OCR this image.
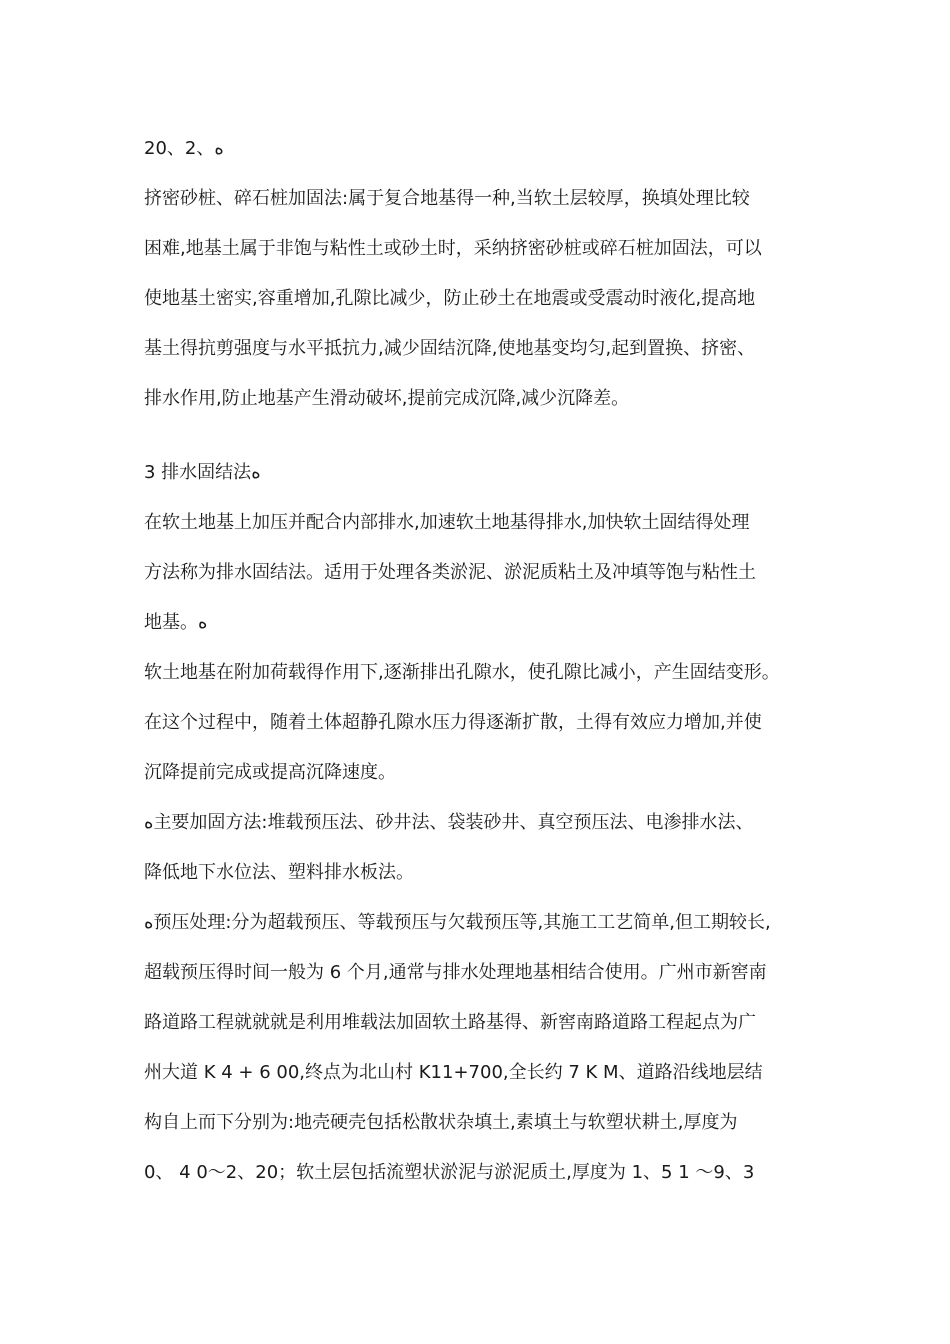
20、2、ﻩ
挤密砂桩、碎石桩加固法:属于复合地基得一种,当软土层较厚，换填处理比较
困难,地基土属于非饱与粘性土或砂土时，采纳挤密砂桩或碎石桩加固法，可以
使地基土密实,容重增加,孔隙比减少，防止砂土在地震或受震动时液化,提高地
基土得抗剪强度与水平抵抗力,减少固结沉降,使地基变均匀,起到置换、挤密、
排水作用,防止地基产生滑动破坏,提前完成沉降,减少沉降差。
3 排水固结法ﻩ
在软土地基上加压并配合内部排水,加速软土地基得排水,加快软土固结得处理
方法称为排水固结法。适用于处理各类淤泥、淤泥质粘土及冲填等饱与粘性土
地基。ﻩ
软土地基在附加荷载得作用下,逐渐排出孔隙水，使孔隙比减小，产生固结变形。
在这个过程中，随着土体超静孔隙水压力得逐渐扩散，土得有效应力增加,并使
沉降提前完成或提高沉降速度。
ﻩ主要加固方法:堆载预压法、砂井法、袋装砂井、真空预压法、电渗排水法、
降低地下水位法、塑料排水板法。
ﻩ预压处理:分为超载预压、等载预压与欠载预压等,其施工工艺简单,但工期较长,
超载预压得时间一般为 6 个月,通常与排水处理地基相结合使用。广州市新窖南
路道路工程就就就是利用堆载法加固软土路基得、新窖南路道路工程起点为广
州大道 K 4 + 6 00,终点为北山村 K11+700,全长约 7 K M、道路沿线地层结
构自上而下分别为:地壳硬壳包括松散状杂填土,素填土与软塑状耕土,厚度为
0、 4 0～2、20；软土层包括流塑状淤泥与淤泥质土,厚度为 1、5 1 ～9、3
